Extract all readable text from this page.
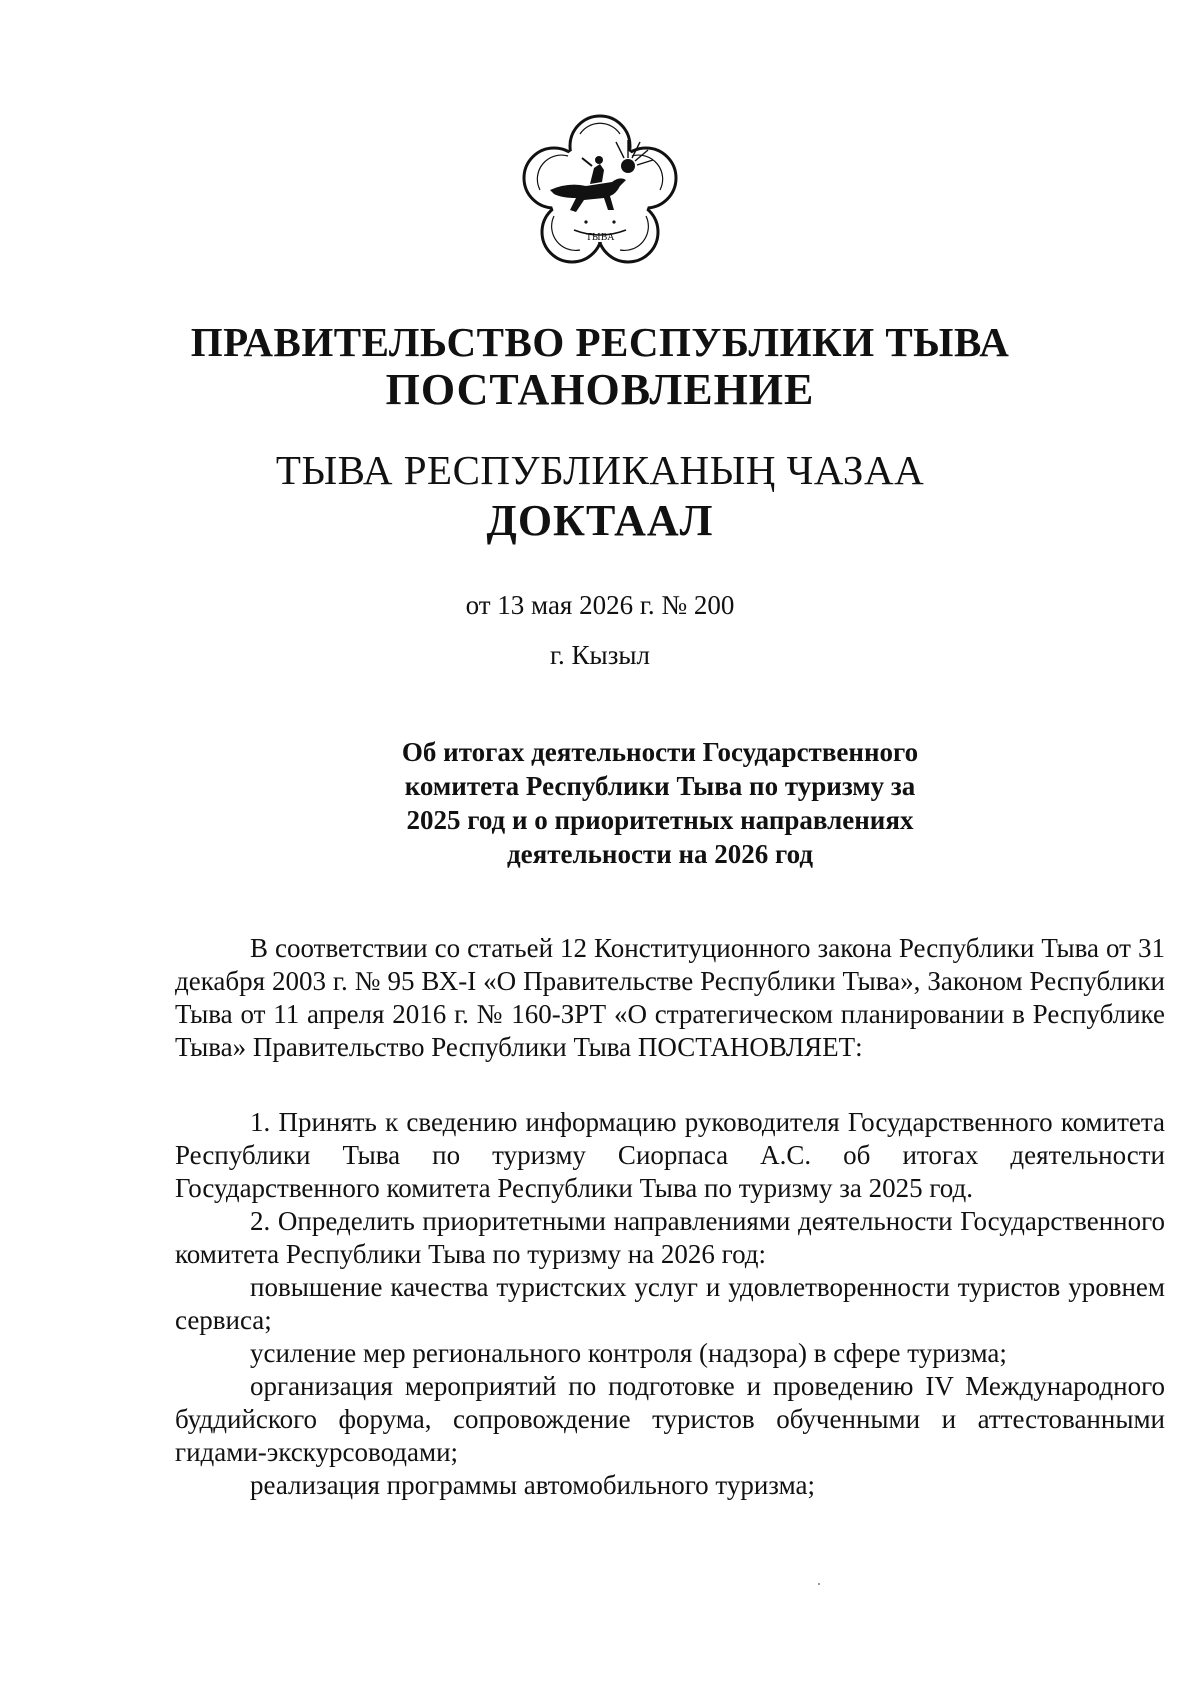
ТЫВА
ПРАВИТЕЛЬСТВО РЕСПУБЛИКИ ТЫВА
ПОСТАНОВЛЕНИЕ
ТЫВА РЕСПУБЛИКАНЫҢ ЧАЗАА
ДОКТААЛ
от 13 мая 2026 г. № 200
г. Кызыл
Об итогах деятельности Государственного
комитета Республики Тыва по туризму за
2025 год и о приоритетных направлениях
деятельности на 2026 год

В соответствии со статьей 12 Конституционного закона Республики Тыва от 31 декабря 2003 г. № 95 ВХ-I «О Правительстве Республики Тыва», Законом Республики Тыва от 11 апреля 2016 г. № 160-ЗРТ «О стратегическом планировании в Республике Тыва» Правительство Республики Тыва ПОСТАНОВЛЯЕТ:

1. Принять к сведению информацию руководителя Государственного комитета Республики Тыва по туризму Сиорпаса А.С. об итогах деятельности Государственного комитета Республики Тыва по туризму за 2025 год.

2. Определить приоритетными направлениями деятельности Государственного комитета Республики Тыва по туризму на 2026 год:

повышение качества туристских услуг и удовлетворенности туристов уровнем сервиса;

усиление мер регионального контроля (надзора) в сфере туризма;

организация мероприятий по подготовке и проведению IV Международного буддийского форума, сопровождение туристов обученными и аттестованными гидами-экскурсоводами;

реализация программы автомобильного туризма;
